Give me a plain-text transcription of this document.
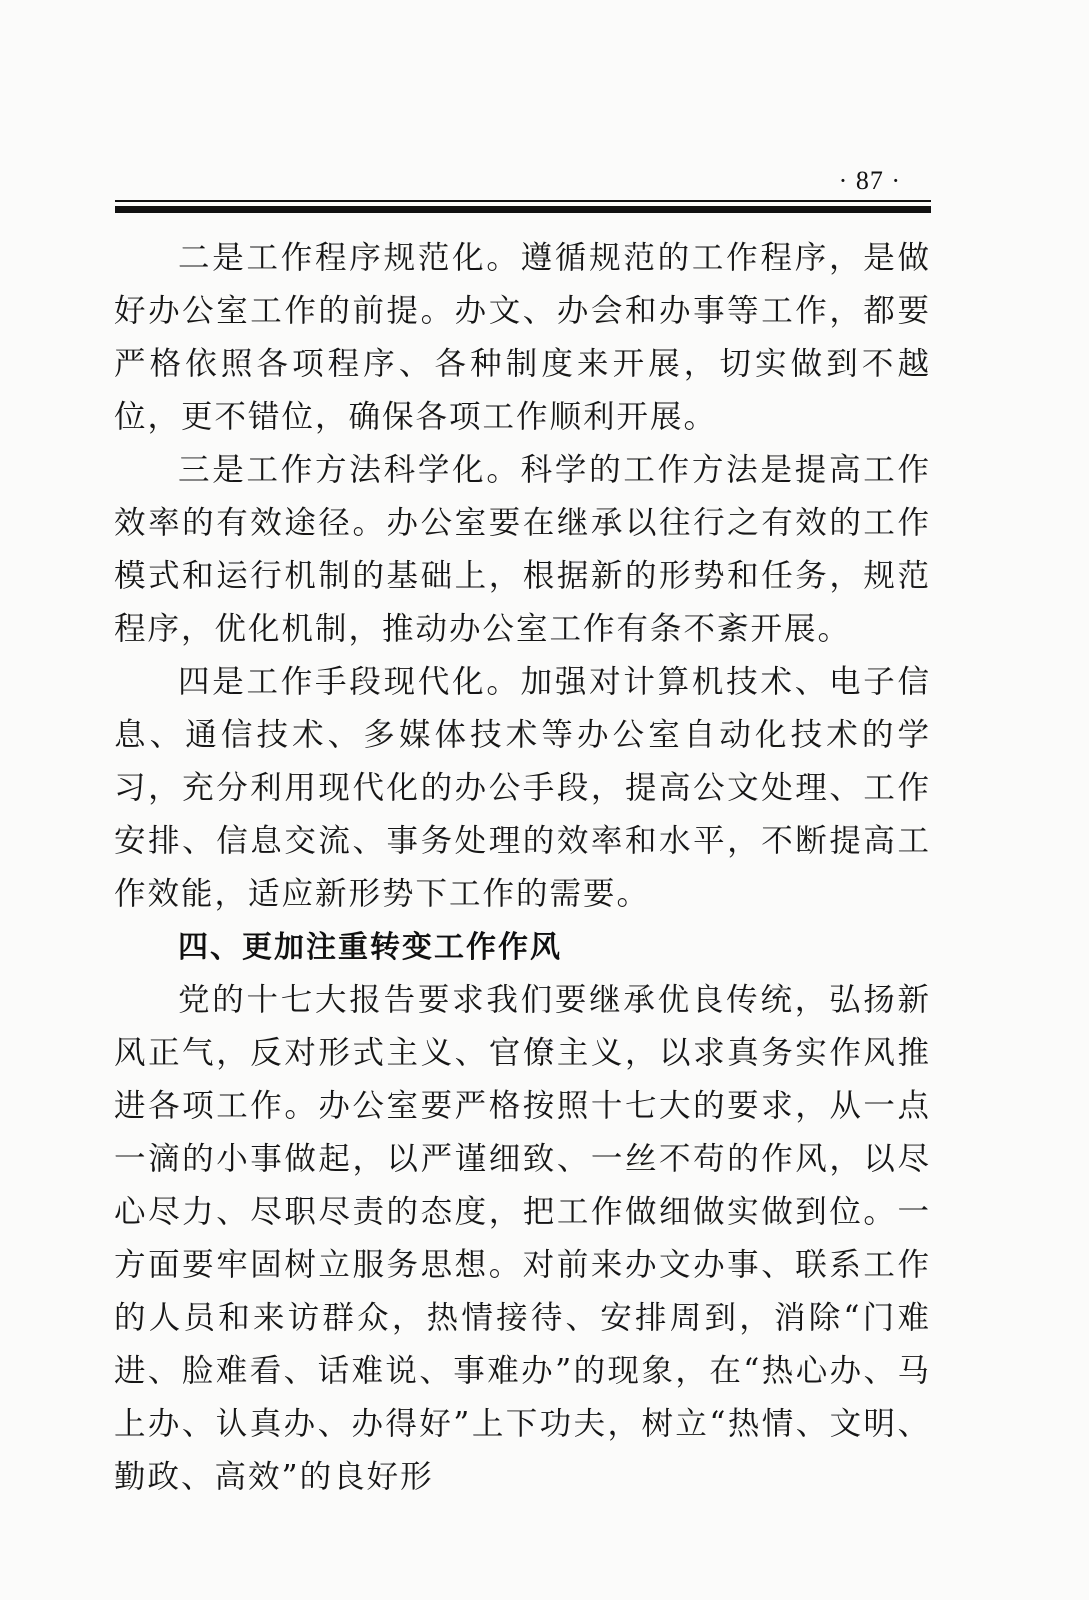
· 87 ·

二是工作程序规范化。遵循规范的工作程序，是做好办公室工作的前提。办文、办会和办事等工作，都要严格依照各项程序、各种制度来开展，切实做到不越位，更不错位，确保各项工作顺利开展。

三是工作方法科学化。科学的工作方法是提高工作效率的有效途径。办公室要在继承以往行之有效的工作模式和运行机制的基础上，根据新的形势和任务，规范程序，优化机制，推动办公室工作有条不紊开展。

四是工作手段现代化。加强对计算机技术、电子信息、通信技术、多媒体技术等办公室自动化技术的学习，充分利用现代化的办公手段，提高公文处理、工作安排、信息交流、事务处理的效率和水平，不断提高工作效能，适应新形势下工作的需要。

四、更加注重转变工作作风

党的十七大报告要求我们要继承优良传统，弘扬新风正气，反对形式主义、官僚主义，以求真务实作风推进各项工作。办公室要严格按照十七大的要求，从一点一滴的小事做起，以严谨细致、一丝不苟的作风，以尽心尽力、尽职尽责的态度，把工作做细做实做到位。一方面要牢固树立服务思想。对前来办文办事、联系工作的人员和来访群众，热情接待、安排周到，消除“门难进、脸难看、话难说、事难办”的现象，在“热心办、马上办、认真办、办得好”上下功夫，树立“热情、文明、勤政、高效”的良好形
